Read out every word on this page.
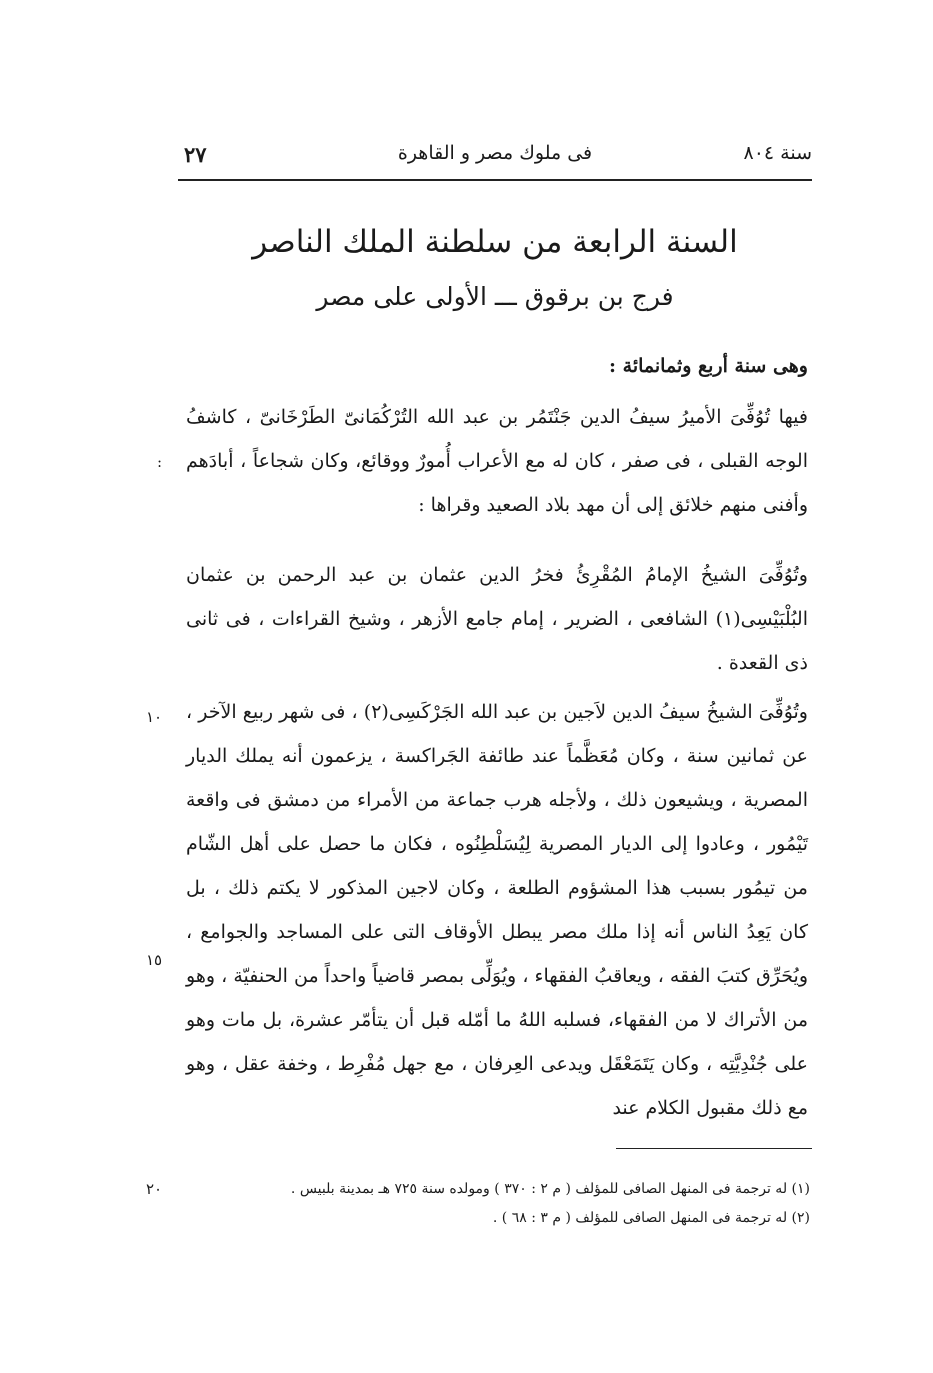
سنة ٨٠٤
فى ملوك مصر و القاهرة
٢٧
السنة الرابعة من سلطنة الملك الناصر
فرج بن برقوق ـــ الأولى على مصر
وهى سنة أربع وثمانمائة :
فيها تُوُفِّىَ الأميرُ سيفُ الدين جَنْتَمُر بن عبد الله التُرْكُمَانىّ الطَرْخَانىّ ، كاشفُ الوجه القبلى ، فى صفر ، كان له مع الأعراب أُمورٌ ووقائع، وكان شجاعاً ، أبادَهم وأفنى منهم خلائق إلى أن مهد بلاد الصعيد وقراها :
وتُوُفِّىَ الشيخُ الإمامُ المُقْرِئُ فخرُ الدين عثمان بن عبد الرحمن بن عثمان البُلْبَيْسِى(١) الشافعى ، الضرير ، إمام جامع الأزهر ، وشيخ القراءات ، فى ثانى ذى القعدة .
وتُوُفِّىَ الشيخُ سيفُ الدين لاَجين بن عبد الله الجَرْكَسِى(٢) ، فى شهر ربيع الآخر ، عن ثمانين سنة ، وكان مُعَظَّماً عند طائفة الجَراكسة ، يزعمون أنه يملك الديار المصرية ، ويشيعون ذلك ، ولأجله هرب جماعة من الأمراء من دمشق فى واقعة تَيْمُور ، وعادوا إلى الديار المصرية لِيُسَلْطِنُوه ، فكان ما حصل على أهل الشّام من تيمُور بسبب هذا المشؤوم الطلعة ، وكان لاجين المذكور لا يكتم ذلك ، بل كان يَعِدُ الناس أنه إذا ملك مصر يبطل الأوقاف التى على المساجد والجوامع ، ويُحَرِّق كتبَ الفقه ، ويعاقبُ الفقهاء ، ويُوَلِّى بمصر قاضياً واحداً من الحنفيّة ، وهو من الأتراك لا من الفقهاء، فسلبه اللهُ ما أمّله قبل أن يتأمّر عشرة، بل مات وهو على جُنْدِيَّتِه ، وكان يَتَمَعْقَل ويدعى العِرفان ، مع جهل مُفْرِط ، وخفة عقل ، وهو مع ذلك مقبول الكلام عند
:
١٠
١٥
٢٠	(١) له ترجمة فى المنهل الصافى للمؤلف ( م ٢ : ٣٧٠ ) ومولده سنة ٧٢٥ هـ بمدينة بلبيس .
(٢) له ترجمة فى المنهل الصافى للمؤلف ( م ٣ : ٦٨ ) .
